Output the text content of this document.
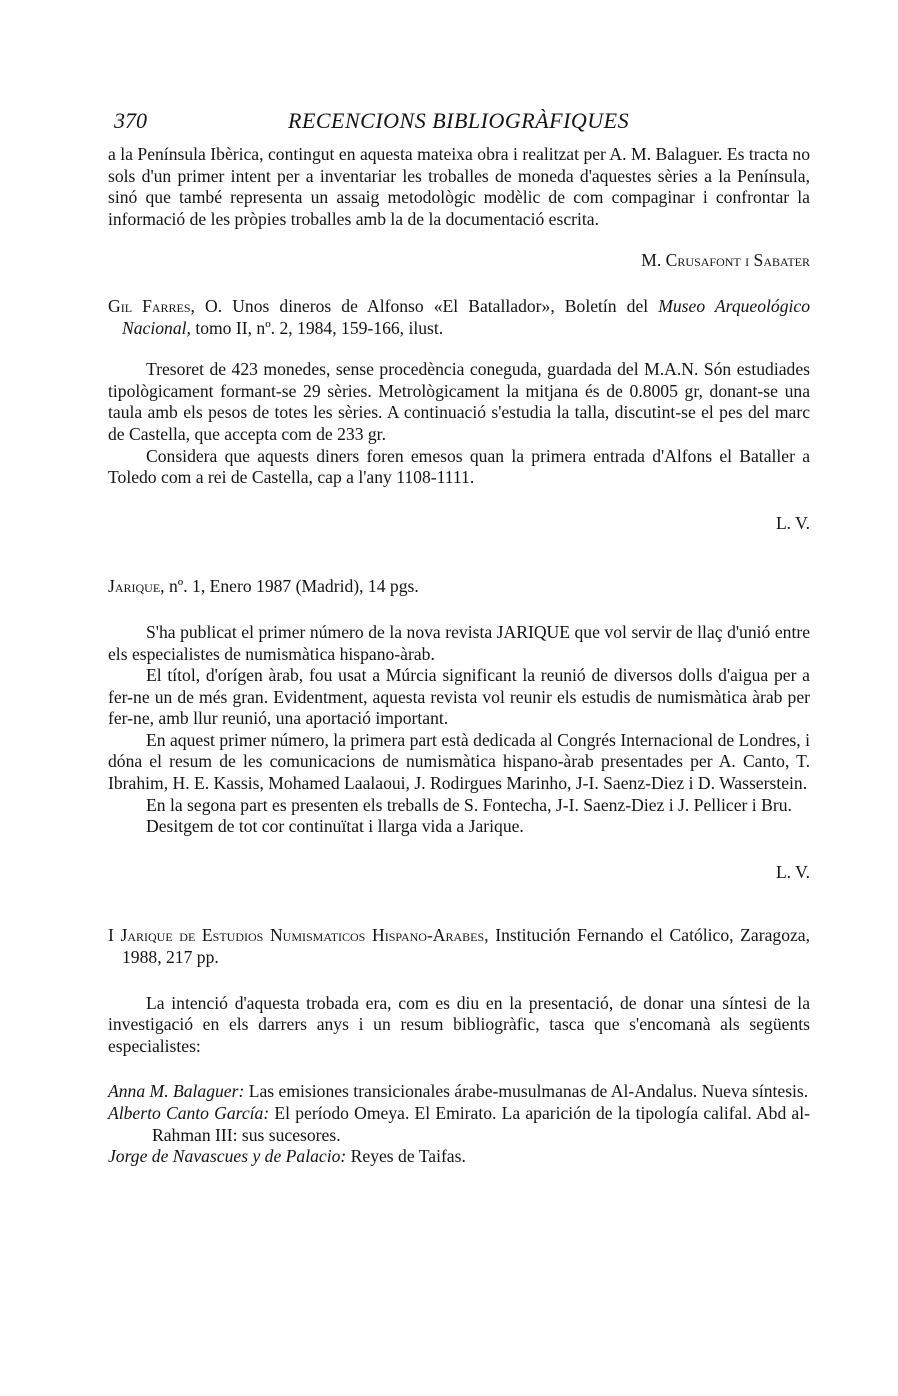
370	RECENCIONS BIBLIOGRÀFIQUES

a la Península Ibèrica, contingut en aquesta mateixa obra i realitzat per A. M. Balaguer. Es tracta no sols d'un primer intent per a inventariar les troballes de moneda d'aquestes sèries a la Península, sinó que també representa un assaig metodològic modèlic de com compaginar i confrontar la informació de les pròpies troballes amb la de la documentació escrita.

M. Crusafont i Sabater

Gil Farres, O. Unos dineros de Alfonso «El Batallador», Boletín del Museo Arqueológico Nacional, tomo II, nº. 2, 1984, 159-166, ilust.

Tresoret de 423 monedes, sense procedència coneguda, guardada del M.A.N. Són estudiades tipològicament formant-se 29 sèries. Metrològicament la mitjana és de 0.8005 gr, donant-se una taula amb els pesos de totes les sèries. A continuació s'estudia la talla, discutint-se el pes del marc de Castella, que accepta com de 233 gr.

Considera que aquests diners foren emesos quan la primera entrada d'Alfons el Bataller a Toledo com a rei de Castella, cap a l'any 1108-1111.

L. V.

Jarique, nº. 1, Enero 1987 (Madrid), 14 pgs.

S'ha publicat el primer número de la nova revista JARIQUE que vol servir de llaç d'unió entre els especialistes de numismàtica hispano-àrab.

El títol, d'orígen àrab, fou usat a Múrcia significant la reunió de diversos dolls d'aigua per a fer-ne un de més gran. Evidentment, aquesta revista vol reunir els estudis de numismàtica àrab per fer-ne, amb llur reunió, una aportació important.

En aquest primer número, la primera part està dedicada al Congrés Internacional de Londres, i dóna el resum de les comunicacions de numismàtica hispano-àrab presentades per A. Canto, T. Ibrahim, H. E. Kassis, Mohamed Laalaoui, J. Rodirgues Marinho, J-I. Saenz-Diez i D. Wasserstein.

En la segona part es presenten els treballs de S. Fontecha, J-I. Saenz-Diez i J. Pellicer i Bru.

Desitgem de tot cor continuïtat i llarga vida a Jarique.

L. V.

I Jarique de Estudios Numismaticos Hispano-Arabes, Institución Fernando el Católico, Zaragoza, 1988, 217 pp.

La intenció d'aquesta trobada era, com es diu en la presentació, de donar una síntesi de la investigació en els darrers anys i un resum bibliogràfic, tasca que s'encomanà als següents especialistes:

Anna M. Balaguer: Las emisiones transicionales árabe-musulmanas de Al-Andalus. Nueva síntesis.

Alberto Canto García: El período Omeya. El Emirato. La aparición de la tipología califal. Abd al-Rahman III: sus sucesores.

Jorge de Navascues y de Palacio: Reyes de Taifas.
